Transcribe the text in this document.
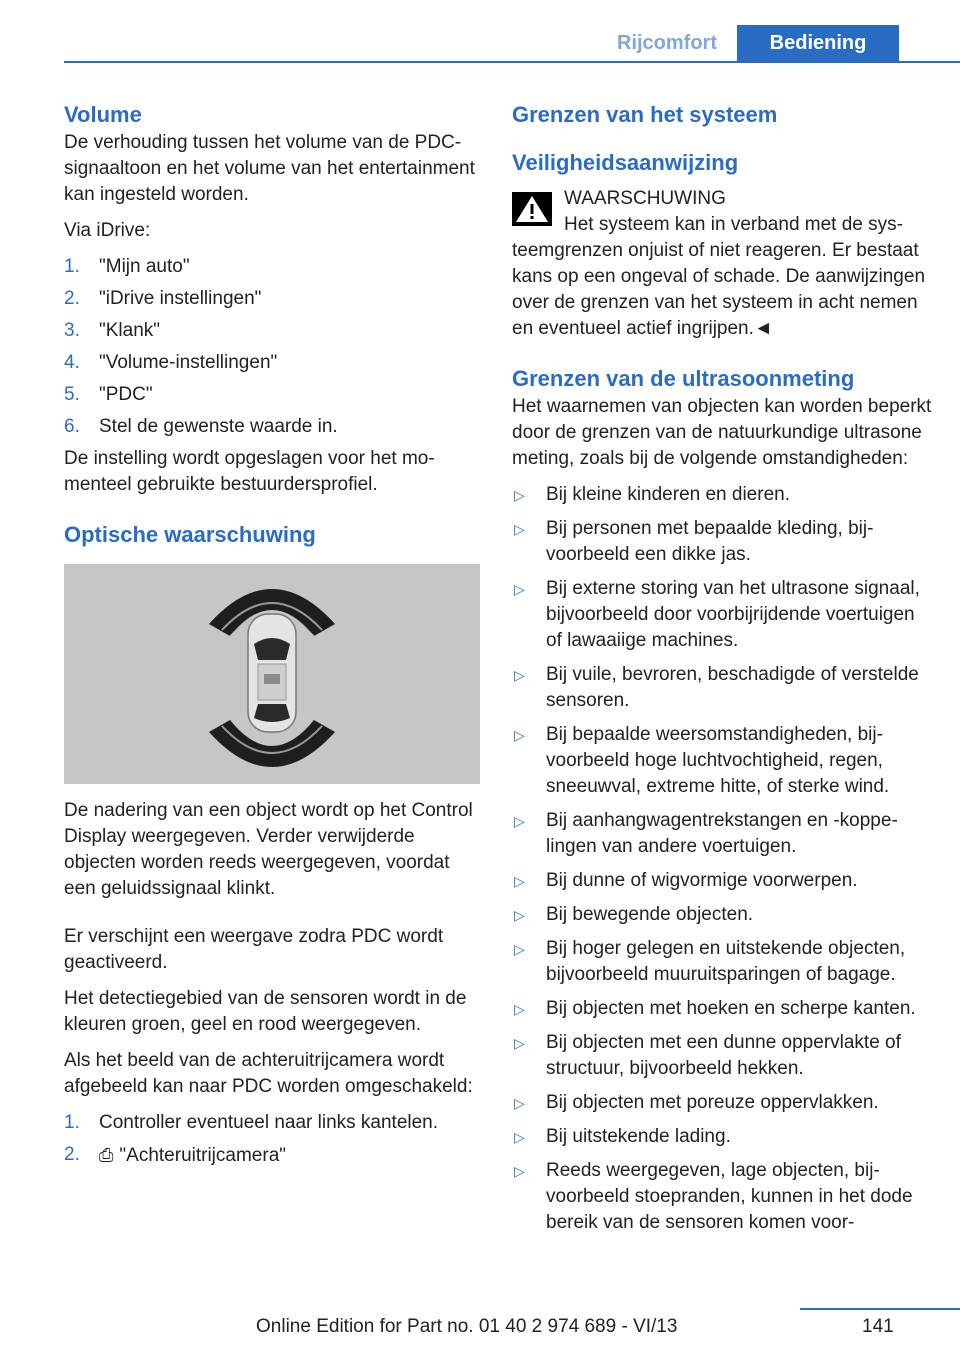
Rijcomfort	Bediening
Volume

De verhouding tussen het volume van de PDC-signaaltoon en het volume van het entertainment kan ingesteld worden.

Via iDrive:

1. "Mijn auto"
2. "iDrive instellingen"
3. "Klank"
4. "Volume-instellingen"
5. "PDC"
6. Stel de gewenste waarde in.

De instelling wordt opgeslagen voor het momenteel gebruikte bestuurdersprofiel.

Optische waarschuwing

De nadering van een object wordt op het Control Display weergegeven. Verder verwijderde objecten worden reeds weergegeven, voordat een geluidssignaal klinkt.

Er verschijnt een weergave zodra PDC wordt geactiveerd.

Het detectiegebied van de sensoren wordt in de kleuren groen, geel en rood weergegeven.

Als het beeld van de achteruitrijcamera wordt afgebeeld kan naar PDC worden omgeschakeld:

1. Controller eventueel naar links kantelen.
2. ⎙ "Achteruitrijcamera"
Grenzen van het systeem
Veiligheidsaanwijzing

WAARSCHUWING

Het systeem kan in verband met de systeemgrenzen onjuist of niet reageren. Er bestaat kans op een ongeval of schade. De aanwijzingen over de grenzen van het systeem in acht nemen en eventueel actief ingrijpen.◄

Grenzen van de ultrasoonmeting

Het waarnemen van objecten kan worden beperkt door de grenzen van de natuurkundige ultrasone meting, zoals bij de volgende omstandigheden:

▷ Bij kleine kinderen en dieren.
▷ Bij personen met bepaalde kleding, bijvoorbeeld een dikke jas.
▷ Bij externe storing van het ultrasone signaal, bijvoorbeeld door voorbijrijdende voertuigen of lawaaiige machines.
▷ Bij vuile, bevroren, beschadigde of verstelde sensoren.
▷ Bij bepaalde weersomstandigheden, bijvoorbeeld hoge luchtvochtigheid, regen, sneeuwval, extreme hitte, of sterke wind.
▷ Bij aanhangwagentrekstangen en -koppelingen van andere voertuigen.
▷ Bij dunne of wigvormige voorwerpen.
▷ Bij bewegende objecten.
▷ Bij hoger gelegen en uitstekende objecten, bijvoorbeeld muuruitsparingen of bagage.
▷ Bij objecten met hoeken en scherpe kanten.
▷ Bij objecten met een dunne oppervlakte of structuur, bijvoorbeeld hekken.
▷ Bij objecten met poreuze oppervlakken.
▷ Bij uitstekende lading.
▷ Reeds weergegeven, lage objecten, bijvoorbeeld stoepranden, kunnen in het dode bereik van de sensoren komen voor-
Online Edition for Part no. 01 40 2 974 689 - VI/13	141
